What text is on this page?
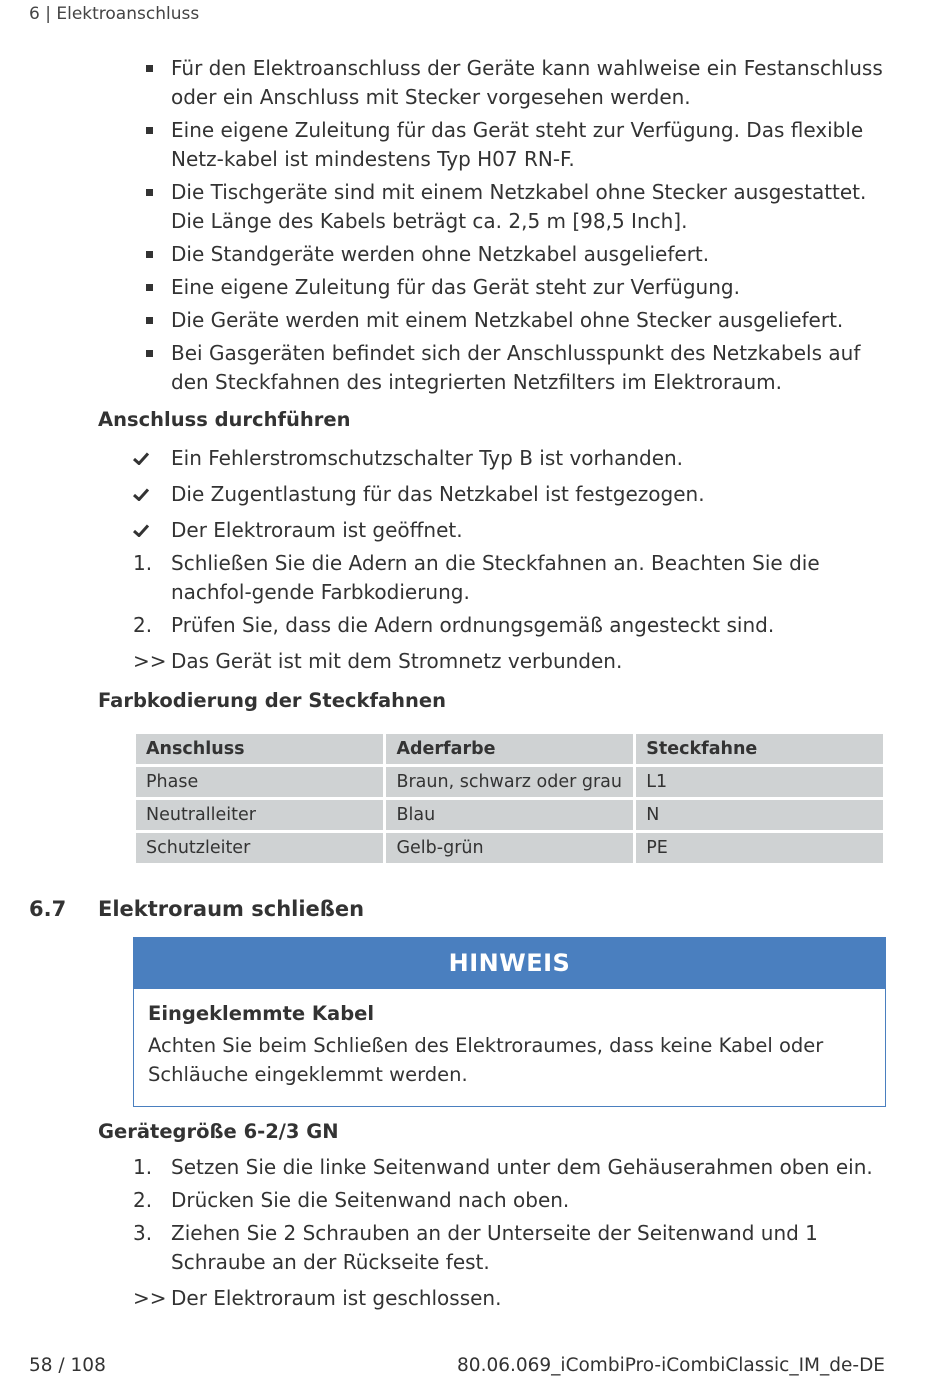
6 | Elektroanschluss
Für den Elektroanschluss der Geräte kann wahlweise ein Festanschluss oder ein Anschluss mit Stecker vorgesehen werden.
Eine eigene Zuleitung für das Gerät steht zur Verfügung. Das flexible Netz-kabel ist mindestens Typ H07 RN-F.
Die Tischgeräte sind mit einem Netzkabel ohne Stecker ausgestattet. Die Länge des Kabels beträgt ca. 2,5 m [98,5 Inch].
Die Standgeräte werden ohne Netzkabel ausgeliefert.
Eine eigene Zuleitung für das Gerät steht zur Verfügung.
Die Geräte werden mit einem Netzkabel ohne Stecker ausgeliefert.
Bei Gasgeräten befindet sich der Anschlusspunkt des Netzkabels auf den Steckfahnen des integrierten Netzfilters im Elektroraum.
Anschluss durchführen
Ein Fehlerstromschutzschalter Typ B ist vorhanden.
Die Zugentlastung für das Netzkabel ist festgezogen.
Der Elektroraum ist geöffnet.
1. Schließen Sie die Adern an die Steckfahnen an. Beachten Sie die nachfol-gende Farbkodierung.
2. Prüfen Sie, dass die Adern ordnungsgemäß angesteckt sind.
>> Das Gerät ist mit dem Stromnetz verbunden.
Farbkodierung der Steckfahnen
Anschluss	Aderfarbe	Steckfahne
Phase	Braun, schwarz oder grau	L1
Neutralleiter	Blau	N
Schutzleiter	Gelb-grün	PE
6.7 Elektroraum schließen
HINWEIS
Eingeklemmte Kabel
Achten Sie beim Schließen des Elektroraumes, dass keine Kabel oder Schläuche eingeklemmt werden.
Gerätegröße 6-2/3 GN
1. Setzen Sie die linke Seitenwand unter dem Gehäuserahmen oben ein.
2. Drücken Sie die Seitenwand nach oben.
3. Ziehen Sie 2 Schrauben an der Unterseite der Seitenwand und 1 Schraube an der Rückseite fest.
>> Der Elektroraum ist geschlossen.
58 / 108	80.06.069_iCombiPro-iCombiClassic_IM_de-DE
